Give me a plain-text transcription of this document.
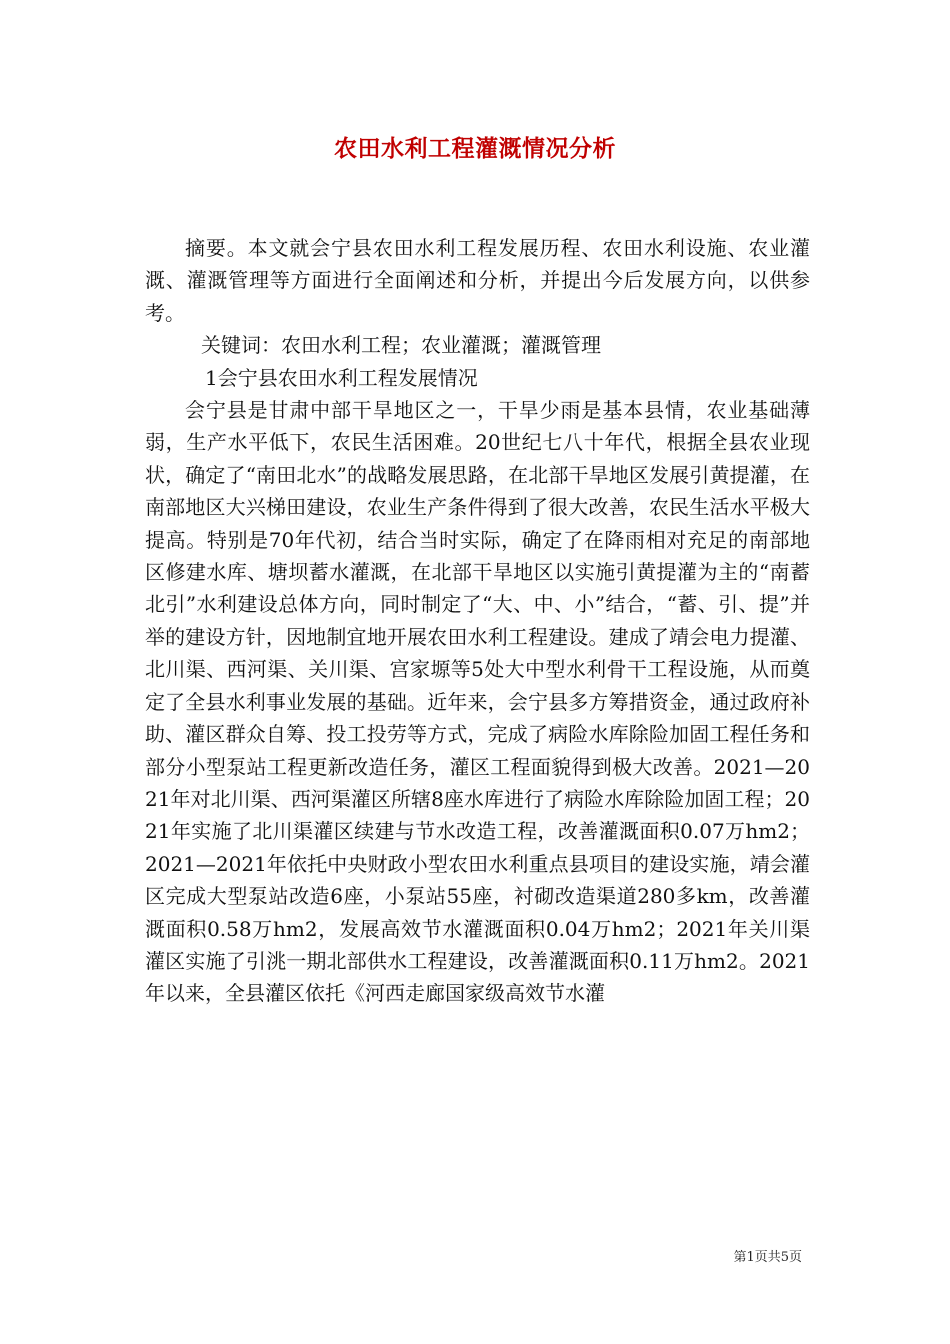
农田水利工程灌溉情况分析

摘要。本文就会宁县农田水利工程发展历程、农田水利设施、农业灌溉、灌溉管理等方面进行全面阐述和分析，并提出今后发展方向，以供参考。

关键词：农田水利工程；农业灌溉；灌溉管理

1会宁县农田水利工程发展情况

会宁县是甘肃中部干旱地区之一，干旱少雨是基本县情，农业基础薄弱，生产水平低下，农民生活困难。20世纪七八十年代，根据全县农业现状，确定了“南田北水”的战略发展思路，在北部干旱地区发展引黄提灌，在南部地区大兴梯田建设，农业生产条件得到了很大改善，农民生活水平极大提高。特别是70年代初，结合当时实际，确定了在降雨相对充足的南部地区修建水库、塘坝蓄水灌溉，在北部干旱地区以实施引黄提灌为主的“南蓄北引”水利建设总体方向，同时制定了“大、中、小”结合，“蓄、引、提”并举的建设方针，因地制宜地开展农田水利工程建设。建成了靖会电力提灌、北川渠、西河渠、关川渠、宫家塬等5处大中型水利骨干工程设施，从而奠定了全县水利事业发展的基础。近年来，会宁县多方筹措资金，通过政府补助、灌区群众自筹、投工投劳等方式，完成了病险水库除险加固工程任务和部分小型泵站工程更新改造任务，灌区工程面貌得到极大改善。2021—2021年对北川渠、西河渠灌区所辖8座水库进行了病险水库除险加固工程；2021年实施了北川渠灌区续建与节水改造工程，改善灌溉面积0.07万hm2；2021—2021年依托中央财政小型农田水利重点县项目的建设实施，靖会灌区完成大型泵站改造6座，小泵站55座，衬砌改造渠道280多km，改善灌溉面积0.58万hm2，发展高效节水灌溉面积0.04万hm2；2021年关川渠灌区实施了引洮一期北部供水工程建设，改善灌溉面积0.11万hm2。2021年以来，全县灌区依托《河西走廊国家级高效节水灌

第1页共5页
